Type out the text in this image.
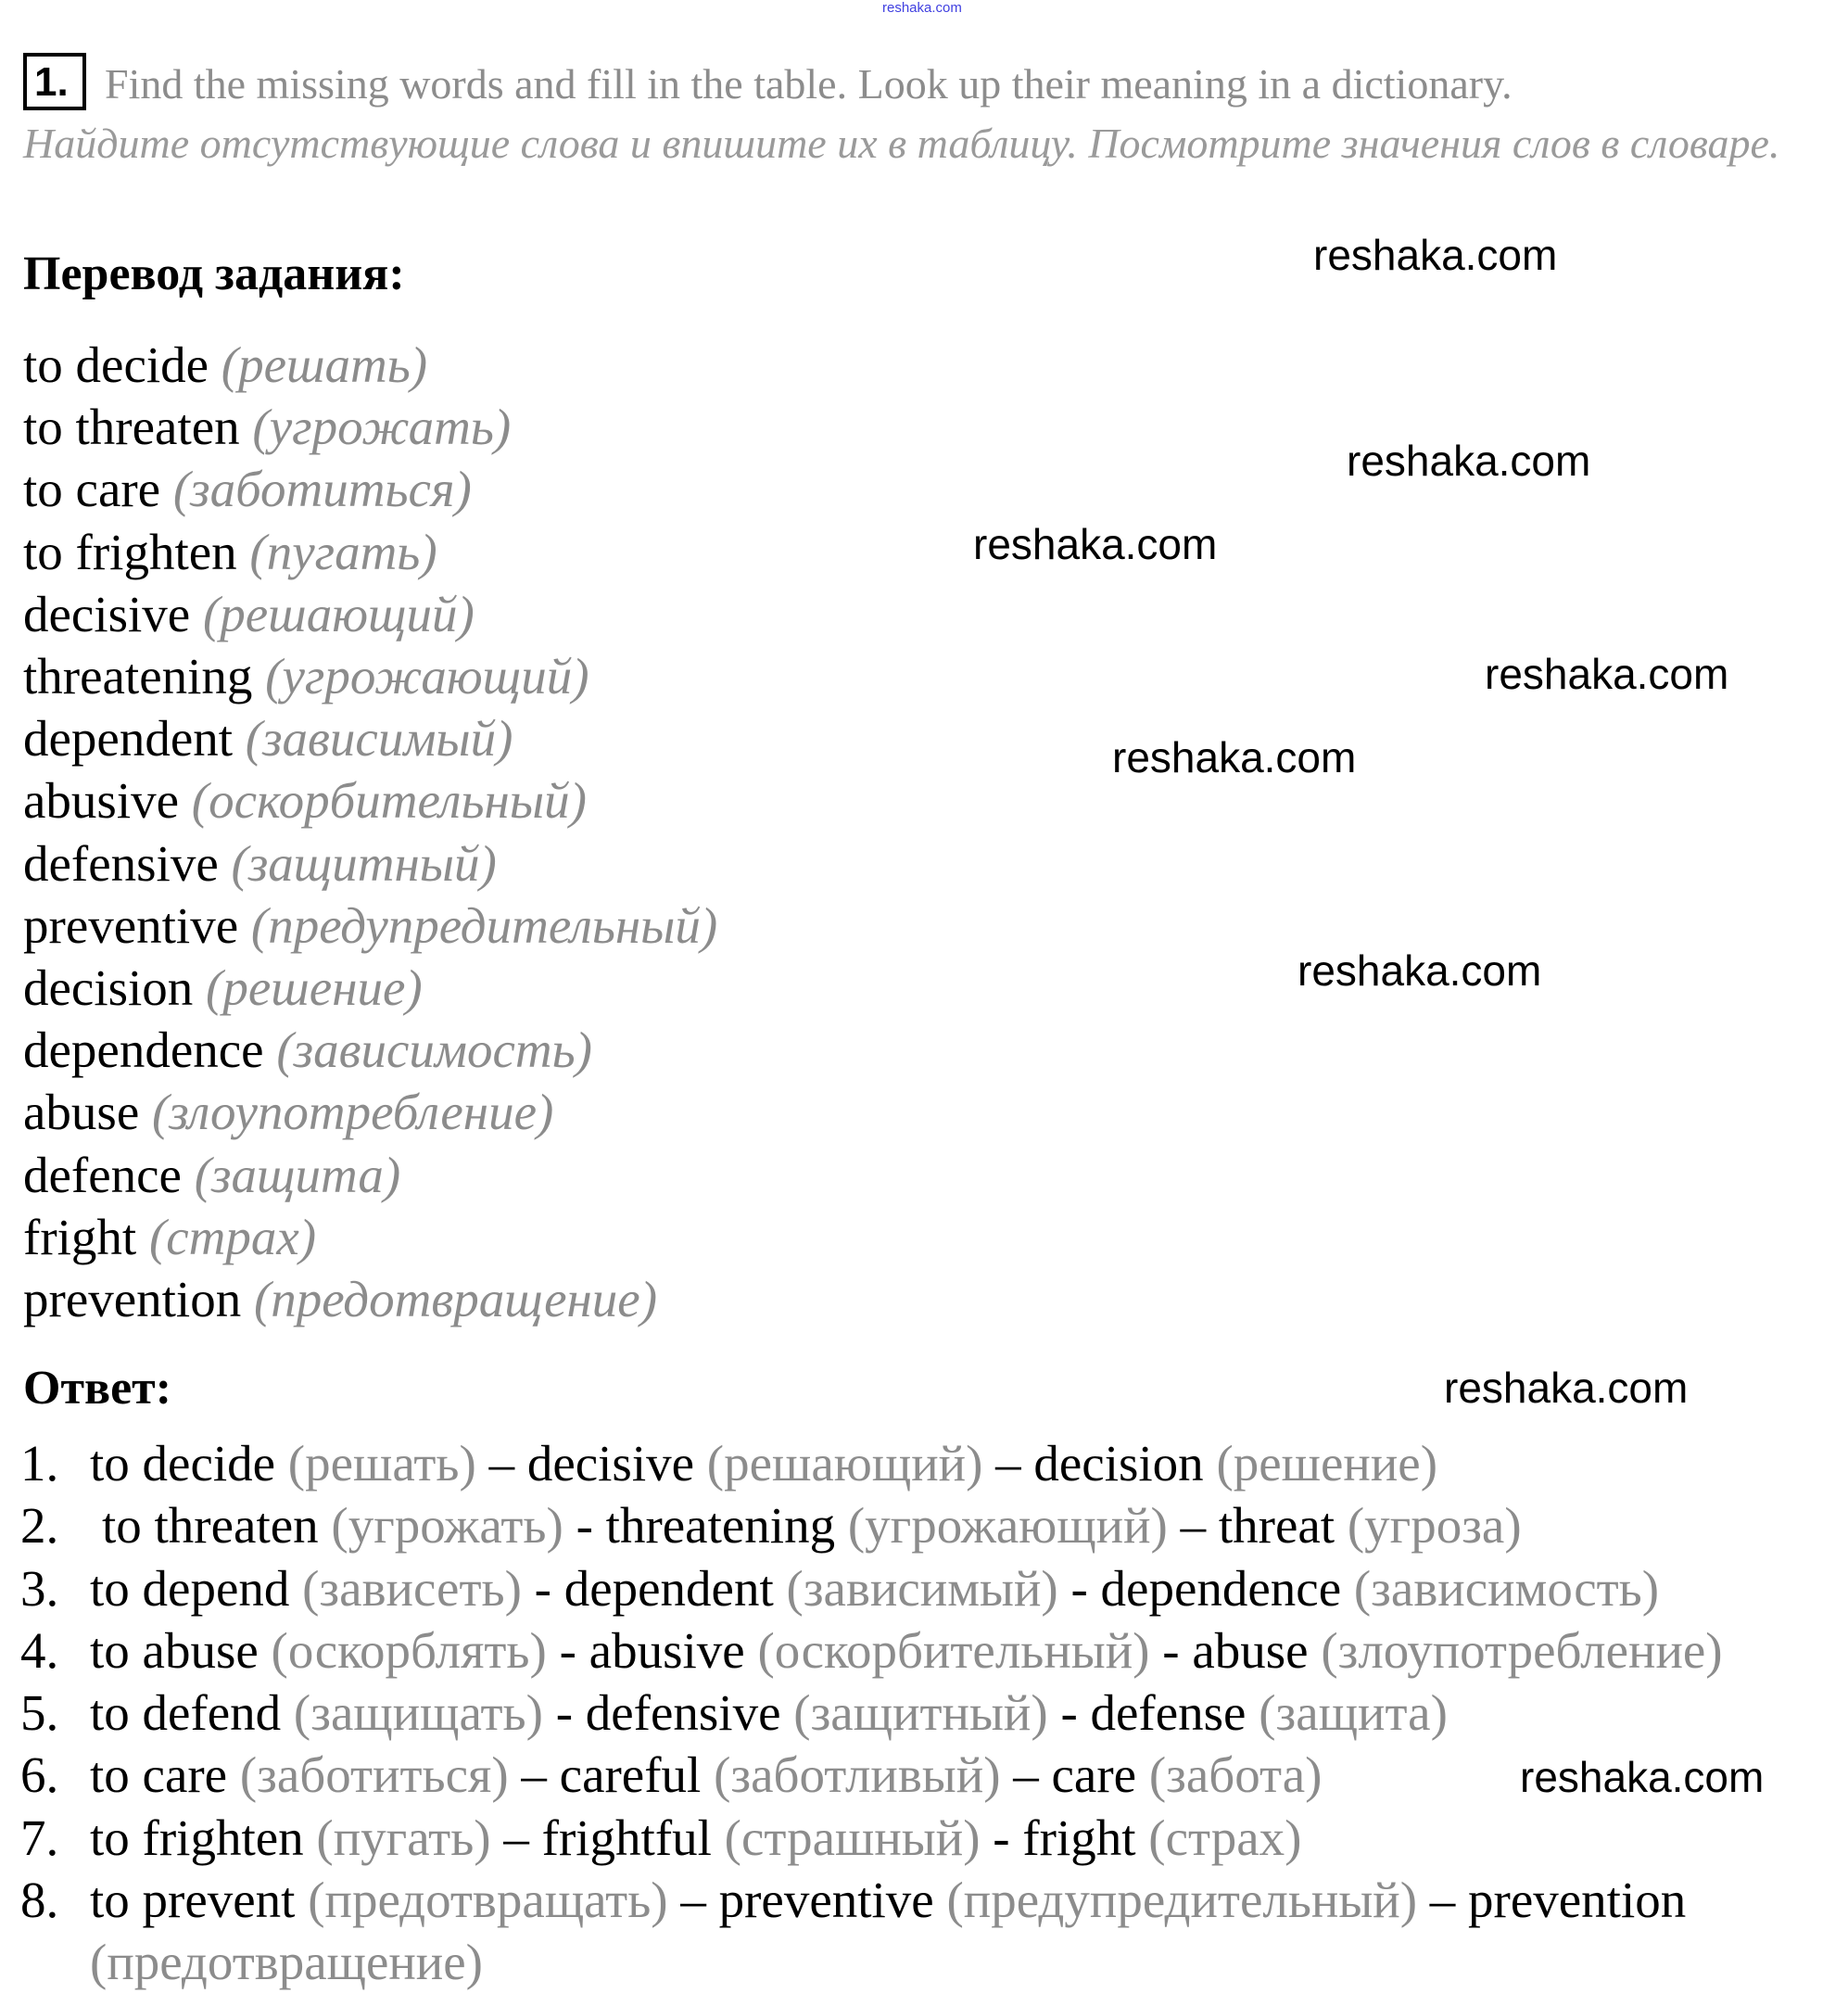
reshaka.com
1. Find the missing words and fill in the table. Look up their meaning in a dictionary.
Найдите отсутствующие слова и впишите их в таблицу. Посмотрите значения слов в словаре.
Перевод задания:
to decide (решать)
to threaten (угрожать)
to care (заботиться)
to frighten (пугать)
decisive (решающий)
threatening (угрожающий)
dependent (зависимый)
abusive (оскорбительный)
defensive (защитный)
preventive (предупредительный)
decision (решение)
dependence (зависимость)
abuse (злоупотребление)
defence (защита)
fright (страх)
prevention (предотвращение)
Ответ:
1. to decide (решать) – decisive (решающий) – decision (решение)
2. to threaten (угрожать) - threatening (угрожающий) – threat (угроза)
3. to depend (зависеть) - dependent (зависимый) - dependence (зависимость)
4. to abuse (оскорблять) - abusive (оскорбительный) - abuse (злоупотребление)
5. to defend (защищать) - defensive (защитный) - defense (защита)
6. to care (заботиться) – careful (заботливый) – care (забота)
7. to frighten (пугать) – frightful (страшный) - fright (страх)
8. to prevent (предотвращать) – preventive (предупредительный) – prevention
(предотвращение)
reshaka.com
reshaka.com
reshaka.com
reshaka.com
reshaka.com
reshaka.com
reshaka.com
reshaka.com
